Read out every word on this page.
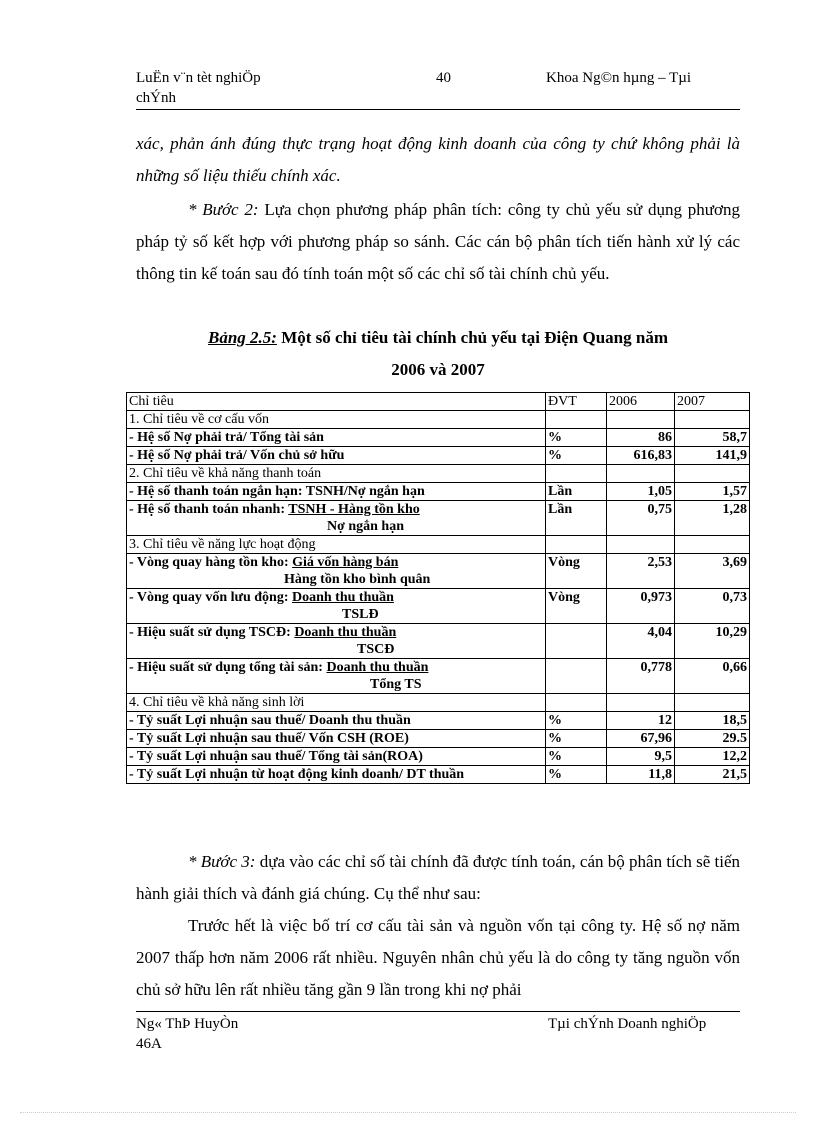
LuËn v¨n tèt nghiÖp
chÝnh
40	Khoa Ng©n hµng – Tµi

xác, phản ánh đúng thực trạng hoạt động kinh doanh của công ty chứ không phải là những số liệu thiếu chính xác.

* Bước 2: Lựa chọn phương pháp phân tích: công ty chủ yếu sử dụng phương pháp tỷ số kết hợp với phương pháp so sánh. Các cán bộ phân tích tiến hành xử lý các thông tin kế toán sau đó tính toán một số các chỉ số tài chính chủ yếu.

Bảng 2.5: Một số chỉ tiêu tài chính chủ yếu tại Điện Quang năm

2006 và 2007

Chỉ tiêu	ĐVT	2006	2007
1. Chỉ tiêu về cơ cấu vốn			
- Hệ số Nợ phải trả/ Tổng tài sản	%	86	58,7
- Hệ số Nợ phải trả/ Vốn chủ sở hữu	%	616,83	141,9
2. Chỉ tiêu về khả năng thanh toán			
- Hệ số thanh toán ngắn hạn: TSNH/Nợ ngắn hạn	Lần	1,05	1,57
- Hệ số thanh toán nhanh: TSNH - Hàng tồn kho
Nợ ngắn hạn	Lần	0,75	1,28
3. Chỉ tiêu về năng lực hoạt động			
- Vòng quay hàng tồn kho: Giá vốn hàng bán
Hàng tồn kho bình quân	Vòng	2,53	3,69
- Vòng quay vốn lưu động: Doanh thu thuần
TSLĐ	Vòng	0,973	0,73
- Hiệu suất sử dụng TSCĐ: Doanh thu thuần
TSCĐ		4,04	10,29
- Hiệu suất sử dụng tổng tài sản: Doanh thu thuần
Tổng TS		0,778	0,66
4. Chỉ tiêu về khả năng sinh lời			
- Tỷ suất Lợi nhuận sau thuế/ Doanh thu thuần	%	12	18,5
- Tỷ suất Lợi nhuận sau thuế/ Vốn CSH (ROE)	%	67,96	29.5
- Tỷ suất Lợi nhuận sau thuế/ Tổng tài sản(ROA)	%	9,5	12,2
- Tỷ suất Lợi nhuận từ hoạt động kinh doanh/ DT thuần	%	11,8	21,5

* Bước 3: dựa vào các chỉ số tài chính đã được tính toán, cán bộ phân tích sẽ tiến hành giải thích và đánh giá chúng. Cụ thể như sau:

Trước hết là việc bố trí cơ cấu tài sản và nguồn vốn tại công ty. Hệ số nợ năm 2007 thấp hơn năm 2006 rất nhiều. Nguyên nhân chủ yếu là do công ty tăng nguồn vốn chủ sở hữu lên rất nhiều tăng gần 9 lần trong khi nợ phải

Ng« ThÞ HuyÒn
46A
Tµi chÝnh Doanh nghiÖp
